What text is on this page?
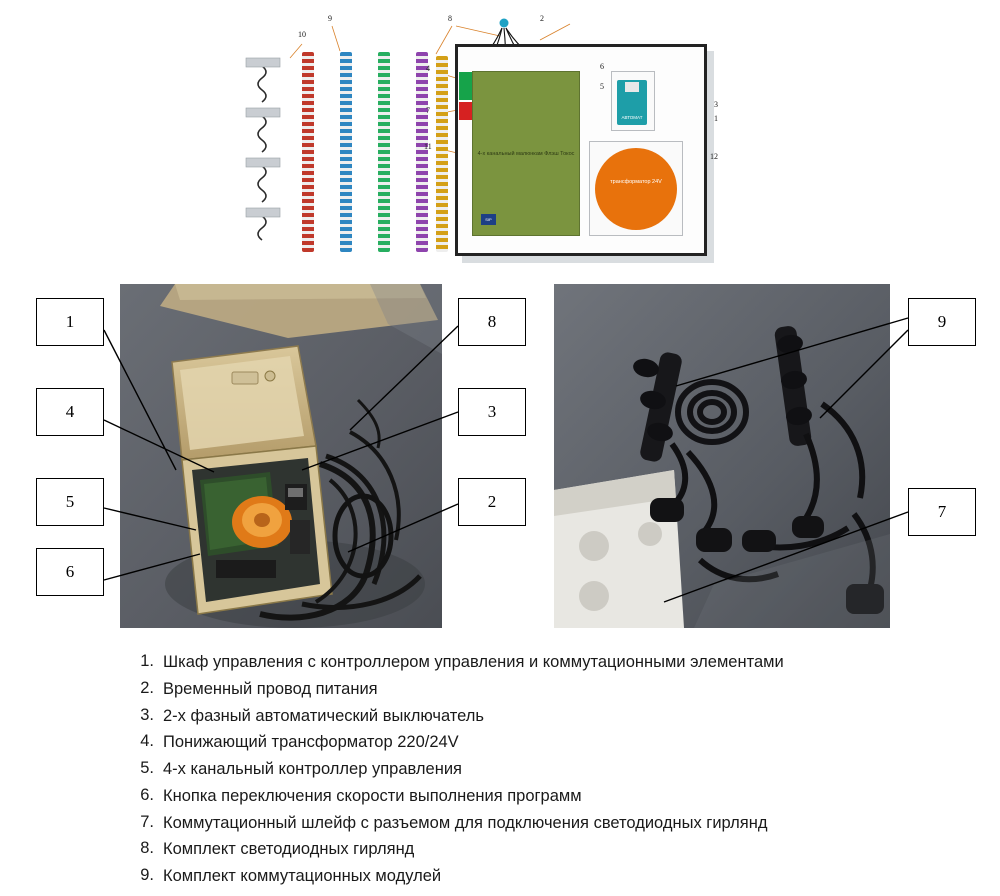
4-х канальный малюнкам Флэш Токос
SIP
АВТОМАТ
трансформатор 24V
10
9	8	2
6
5
3
1
4
7
11
12
1
4
5
6
8
3
2
9
7
1. Шкаф управления с контроллером управления и коммутационными элементами
2. Временный провод питания
3. 2-х фазный автоматический выключатель
4. Понижающий трансформатор 220/24V
5. 4-х канальный контроллер управления
6. Кнопка переключения скорости выполнения программ
7. Коммутационный шлейф с разъемом для подключения светодиодных гирлянд
8. Комплект светодиодных гирлянд
9. Комплект коммутационных модулей
